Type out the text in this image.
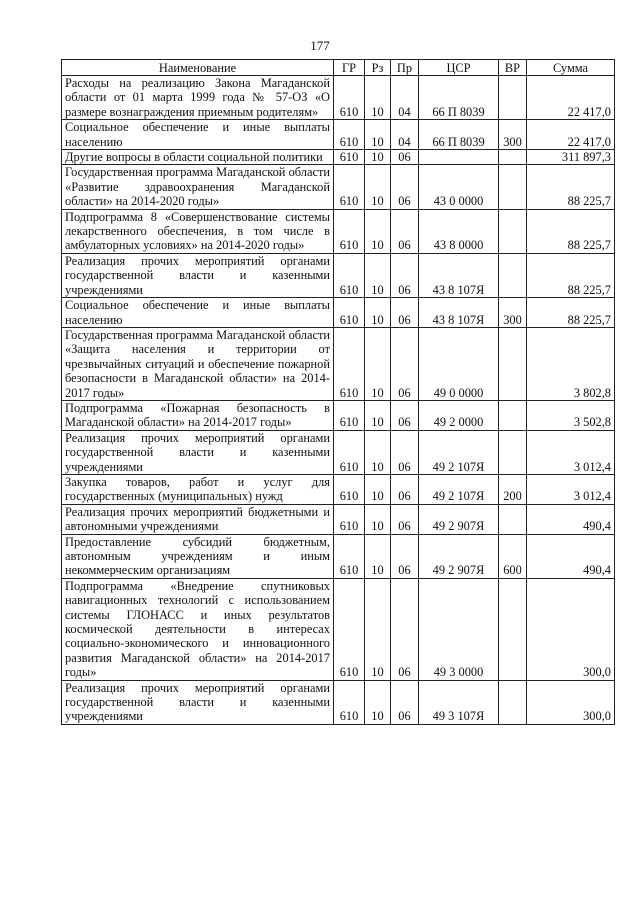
177
Наименование	ГР	Рз	Пр	ЦСР	ВР	Сумма
Расходы на реализацию Закона Магаданской области от 01 марта 1999 года № 57-ОЗ «О размере вознаграждения приемным родителям»	610	10	04	66 П 8039		22 417,0
Социальное обеспечение и иные выплаты населению	610	10	04	66 П 8039	300	22 417,0
Другие вопросы в области социальной политики	610	10	06			311 897,3
Государственная программа Магаданской области «Развитие здравоохранения Магаданской области» на 2014-2020 годы»	610	10	06	43 0 0000		88 225,7
Подпрограмма 8 «Совершенствование системы лекарственного обеспечения, в том числе в амбулаторных условиях» на 2014-2020 годы»	610	10	06	43 8 0000		88 225,7
Реализация прочих мероприятий органами государственной власти и казенными учреждениями	610	10	06	43 8 107Я		88 225,7
Социальное обеспечение и иные выплаты населению	610	10	06	43 8 107Я	300	88 225,7
Государственная программа Магаданской области «Защита населения и территории от чрезвычайных ситуаций и обеспечение пожарной безопасности в Магаданской области» на 2014-2017 годы»	610	10	06	49 0 0000		3 802,8
Подпрограмма «Пожарная безопасность в Магаданской области» на 2014-2017 годы»	610	10	06	49 2 0000		3 502,8
Реализация прочих мероприятий органами государственной власти и казенными учреждениями	610	10	06	49 2 107Я		3 012,4
Закупка товаров, работ и услуг для государственных (муниципальных) нужд	610	10	06	49 2 107Я	200	3 012,4
Реализация прочих мероприятий бюджетными и автономными учреждениями	610	10	06	49 2 907Я		490,4
Предоставление субсидий бюджетным, автономным учреждениям и иным некоммерческим организациям	610	10	06	49 2 907Я	600	490,4
Подпрограмма «Внедрение спутниковых навигационных технологий с использованием системы ГЛОНАСС и иных результатов космической деятельности в интересах социально-экономического и инновационного развития Магаданской области» на 2014-2017 годы»	610	10	06	49 3 0000		300,0
Реализация прочих мероприятий органами государственной власти и казенными учреждениями	610	10	06	49 3 107Я		300,0
